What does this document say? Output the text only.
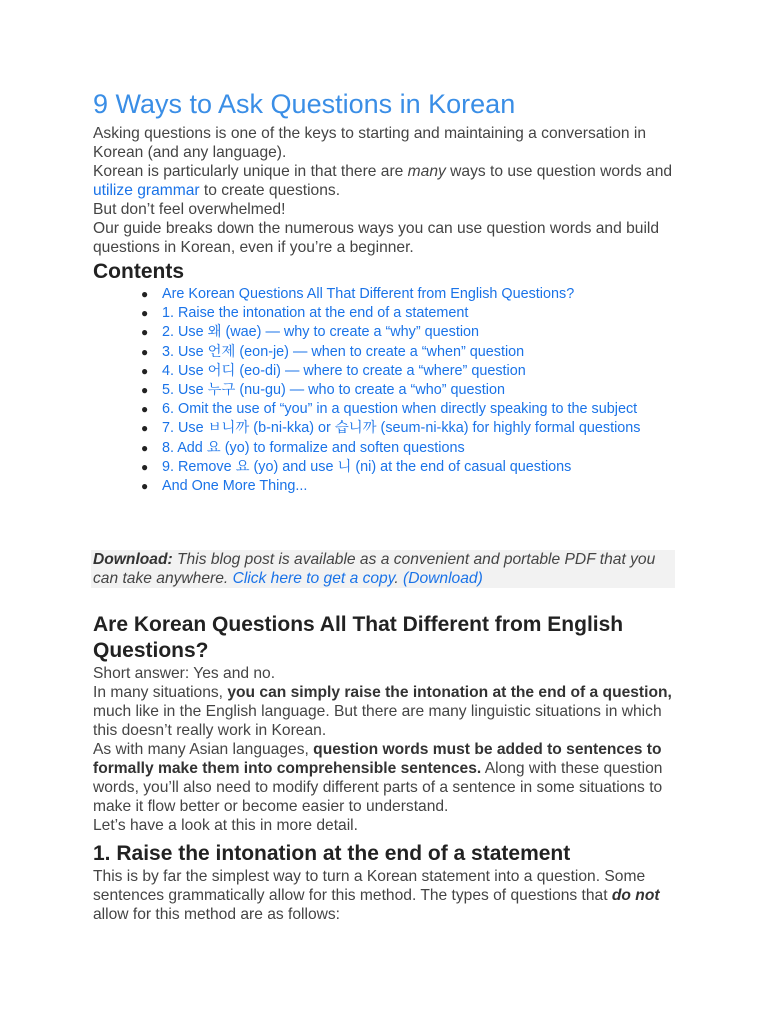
9 Ways to Ask Questions in Korean

Asking questions is one of the keys to starting and maintaining a conversation in Korean (and any language).

Korean is particularly unique in that there are many ways to use question words and utilize grammar to create questions.

But don’t feel overwhelmed!

Our guide breaks down the numerous ways you can use question words and build questions in Korean, even if you’re a beginner.

Contents
● Are Korean Questions All That Different from English Questions?
● 1. Raise the intonation at the end of a statement
● 2. Use 왜 (wae) — why to create a “why” question
● 3. Use 언제 (eon-je) — when to create a “when” question
● 4. Use 어디 (eo-di) — where to create a “where” question
● 5. Use 누구 (nu-gu) — who to create a “who” question
● 6. Omit the use of “you” in a question when directly speaking to the subject
● 7. Use ㅂ니까 (b-ni-kka) or 습니까 (seum-ni-kka) for highly formal questions
● 8. Add 요 (yo) to formalize and soften questions
● 9. Remove 요 (yo) and use 니 (ni) at the end of casual questions
● And One More Thing...
Download: This blog post is available as a convenient and portable PDF that you can take anywhere. Click here to get a copy. (Download)
Are Korean Questions All That Different from English Questions?

Short answer: Yes and no.

In many situations, you can simply raise the intonation at the end of a question, much like in the English language. But there are many linguistic situations in which this doesn’t really work in Korean.

As with many Asian languages, question words must be added to sentences to formally make them into comprehensible sentences. Along with these question words, you’ll also need to modify different parts of a sentence in some situations to make it flow better or become easier to understand.

Let’s have a look at this in more detail.

1. Raise the intonation at the end of a statement

This is by far the simplest way to turn a Korean statement into a question. Some sentences grammatically allow for this method. The types of questions that do not allow for this method are as follows:
